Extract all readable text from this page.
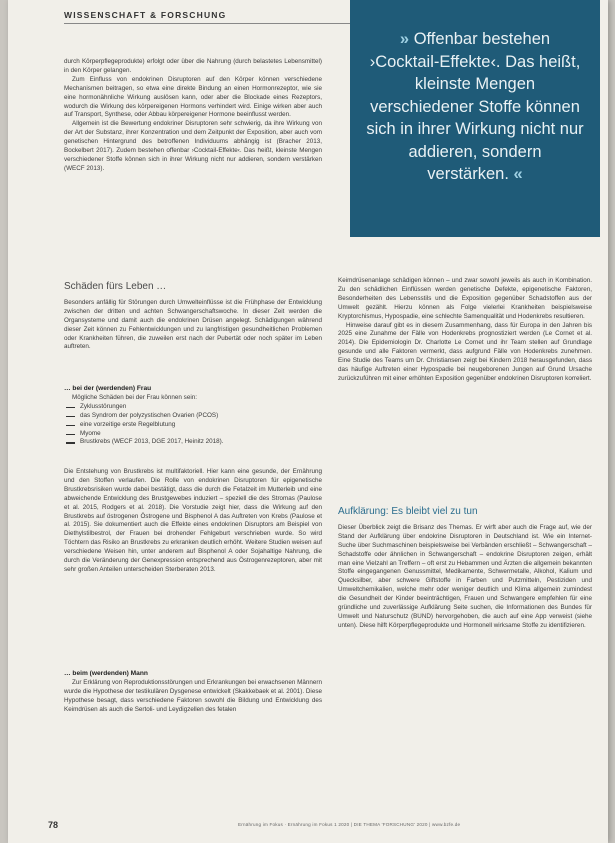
WISSENSCHAFT & FORSCHUNG
» Offenbar bestehen ›Cocktail-Effekte‹. Das heißt, kleinste Mengen verschiedener Stoffe können sich in ihrer Wirkung nicht nur addieren, sondern verstärken. «

durch Körperpflegeprodukte) erfolgt oder über die Nahrung (durch belastetes Lebensmittel) in den Körper gelangen.

Zum Einfluss von endokrinen Disruptoren auf den Körper können verschiedene Mechanismen beitragen, so etwa eine direkte Bindung an einen Hormonrezeptor, wie sie eine hormonähnliche Wirkung auslösen kann, oder aber die Blockade eines Rezeptors, wodurch die Wirkung des körpereigenen Hormons verhindert wird. Einige wirken aber auch auf Transport, Synthese, oder Abbau körpereigener Hormone beeinflusst werden.

Allgemein ist die Bewertung endokriner Disruptoren sehr schwierig, da ihre Wirkung von der Art der Substanz, ihrer Konzentration und dem Zeitpunkt der Exposition, aber auch vom genetischen Hintergrund des betroffenen Individuums abhängig ist (Bracher 2013, Bockelbert 2017). Zudem bestehen offenbar ›Cocktail-Effekte‹. Das heißt, kleinste Mengen verschiedener Stoffe können sich in ihrer Wirkung nicht nur addieren, sondern verstärken (WECF 2013).

Schäden fürs Leben …

Besonders anfällig für Störungen durch Umwelteinflüsse ist die Frühphase der Entwicklung zwischen der dritten und achten Schwangerschaftswoche. In dieser Zeit werden die Organsysteme und damit auch die endokrinen Drüsen angelegt. Schädigungen während dieser Zeit können zu Fehlentwicklungen und zu langfristigen gesundheitlichen Problemen oder Krankheiten führen, die zuweilen erst nach der Pubertät oder noch später im Leben auftreten.

… bei der (werdenden) Frau

Mögliche Schäden bei der Frau können sein:

Zyklusstörungen
das Syndrom der polyzystischen Ovarien (PCOS)
eine vorzeitige erste Regelblutung
Myome
Brustkrebs (WECF 2013, DGE 2017, Heinitz 2018).

Die Entstehung von Brustkrebs ist multifaktoriell. Hier kann eine gesunde, der Ernährung und den Stoffen verlaufen. Die Rolle von endokrinen Disruptoren für epigenetische Brustkrebsrisiken wurde dabei bestätigt, dass die durch die Fetalzeit im Mutterleib und eine abweichende Entwicklung des Brustgewebes induziert – speziell die des Stromas (Paulose et al. 2015, Rodgers et al. 2018). Die Vorstudie zeigt hier, dass die Wirkung auf den Brustkrebs auf östrogenen Östrogene und Bisphenol A das Auftreten von Krebs (Paulose et al. 2015). Sie dokumentiert auch die Effekte eines endokrinen Disruptors am Beispiel von Diethylstilbestrol, der Frauen bei drohender Fehlgeburt verschrieben wurde. So wird Töchtern das Risiko an Brustkrebs zu erkranken deutlich erhöht. Weitere Studien weisen auf verschiedene Weisen hin, unter anderem auf Bisphenol A oder Sojahaltige Nahrung, die durch die Veränderung der Genexpression entsprechend aus Östrogenrezeptoren, aber mit sehr großen Anteilen unterscheiden Sterberaten 2013.

… beim (werdenden) Mann

Zur Erklärung von Reproduktionsstörungen und Erkrankungen bei erwachsenen Männern wurde die Hypothese der testikulären Dysgenese entwickelt (Skakkebaek et al. 2001). Diese Hypothese besagt, dass verschiedene Faktoren sowohl die Bildung und Entwicklung des Keimdrüsen als auch die Sertoli- und Leydigzellen des fetalen

Keimdrüsenanlage schädigen können – und zwar sowohl jeweils als auch in Kombination. Zu den schädlichen Einflüssen werden genetische Defekte, epigenetische Faktoren, Besonderheiten des Lebensstils und die Exposition gegenüber Schadstoffen aus der Umwelt gezählt. Hierzu können als Folge vielerlei Krankheiten beispielsweise Kryptorchismus, Hypospadie, eine schlechte Samenqualität und Hodenkrebs resultieren.

Hinweise darauf gibt es in diesem Zusammenhang, dass für Europa in den Jahren bis 2025 eine Zunahme der Fälle von Hodenkrebs prognostiziert werden (Le Cornet et al. 2014). Die Epidemiologin Dr. Charlotte Le Cornet und ihr Team stellen auf Grundlage gesunde und alle Faktoren vermerkt, dass aufgrund Fälle von Hodenkrebs zunehmen. Eine Studie des Teams um Dr. Christiansen zeigt bei Kindern 2018 herausgefunden, dass das häufige Auftreten einer Hypospadie bei neugeborenen Jungen auf Grund Ursache zurückzuführen mit einer erhöhten Exposition gegenüber endokrinen Disruptoren korreliert.

Aufklärung: Es bleibt viel zu tun

Dieser Überblick zeigt die Brisanz des Themas. Er wirft aber auch die Frage auf, wie der Stand der Aufklärung über endokrine Disruptoren in Deutschland ist. Wie ein Internet-Suche über Suchmaschinen beispielsweise bei Verbänden erschließt – Schwangerschaft – Schadstoffe oder ähnlichen in Schwangerschaft – endokrine Disruptoren zeigen, erhält man eine Vielzahl an Treffern – oft erst zu Hebammen und Ärzten die allgemein bekannten Stoffe eingegangenen Genussmittel, Medikamente, Schwermetalle, Alkohol, Kalium und Quecksilber, aber schwere Giftstoffe in Farben und Putzmitteln, Pestiziden und Umweltchemikalien, welche mehr oder weniger deutlich und Klima allgemein zumindest die Gesundheit der Kinder beeinträchtigen, Frauen und Schwangere empfehlen für eine gründliche und zuverlässige Aufklärung Seite suchen, die Informationen des Bundes für Umwelt und Naturschutz (BUND) hervorgehoben, die auch auf eine App verweist (siehe unten). Diese hilft Körperpflegeprodukte und Hormonell wirksame Stoffe zu identifizieren.

78	Ernährung im Fokus · Ernährung im Fokus 1 2020 | DIE THEMA 'FORSCHUNG' 2020 | www.bzfe.de
